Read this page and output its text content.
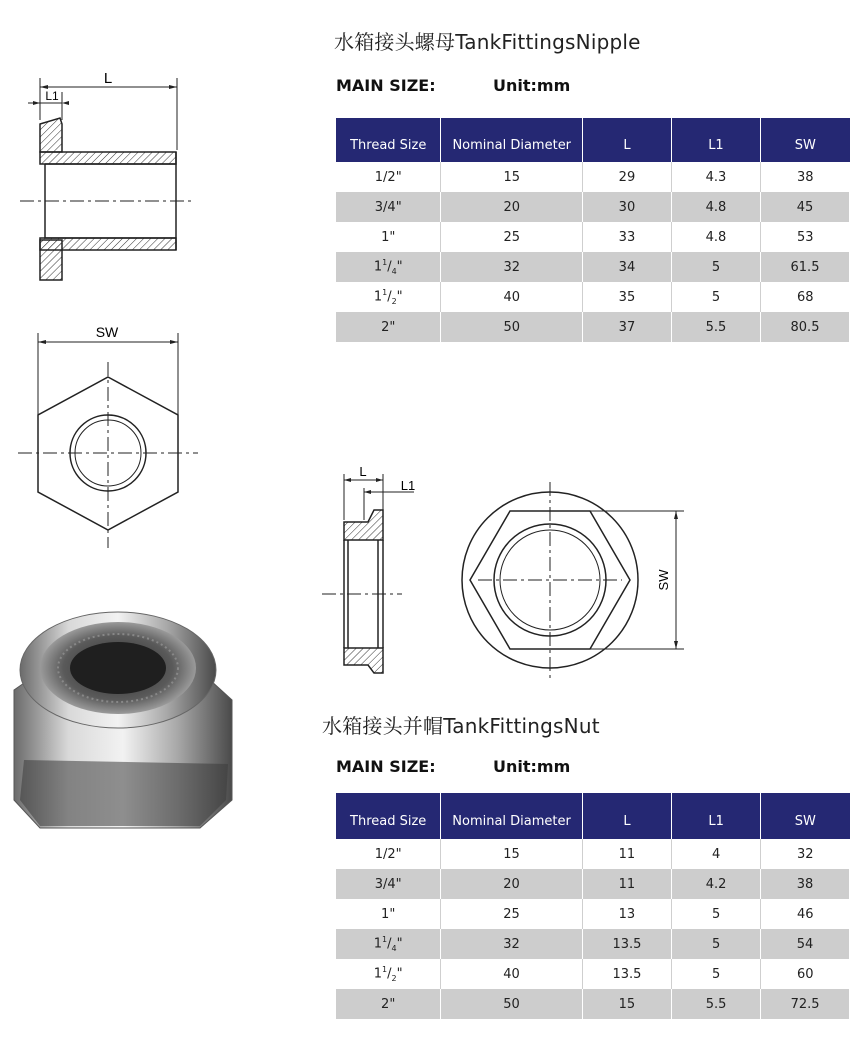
水箱接头螺母TankFittingsNipple
MAIN SIZE:	Unit:mm
Thread Size	Nominal Diameter	L	L1	SW
1/2"	15	29	4.3	38
3/4"	20	30	4.8	45
1"	25	33	4.8	53
$1^1/_4$"	32	34	5	61.5
$1^1/_2$"	40	35	5	68
2"	50	37	5.5	80.5
水箱接头并帽TankFittingsNut
MAIN SIZE:	Unit:mm
Thread Size	Nominal Diameter	L	L1	SW
1/2"	15	11	4	32
3/4"	20	11	4.2	38
1"	25	13	5	46
$1^1/_4$"	32	13.5	5	54
$1^1/_2$"	40	13.5	5	60
2"	50	15	5.5	72.5
L
L1
SW
L
L1
SW
